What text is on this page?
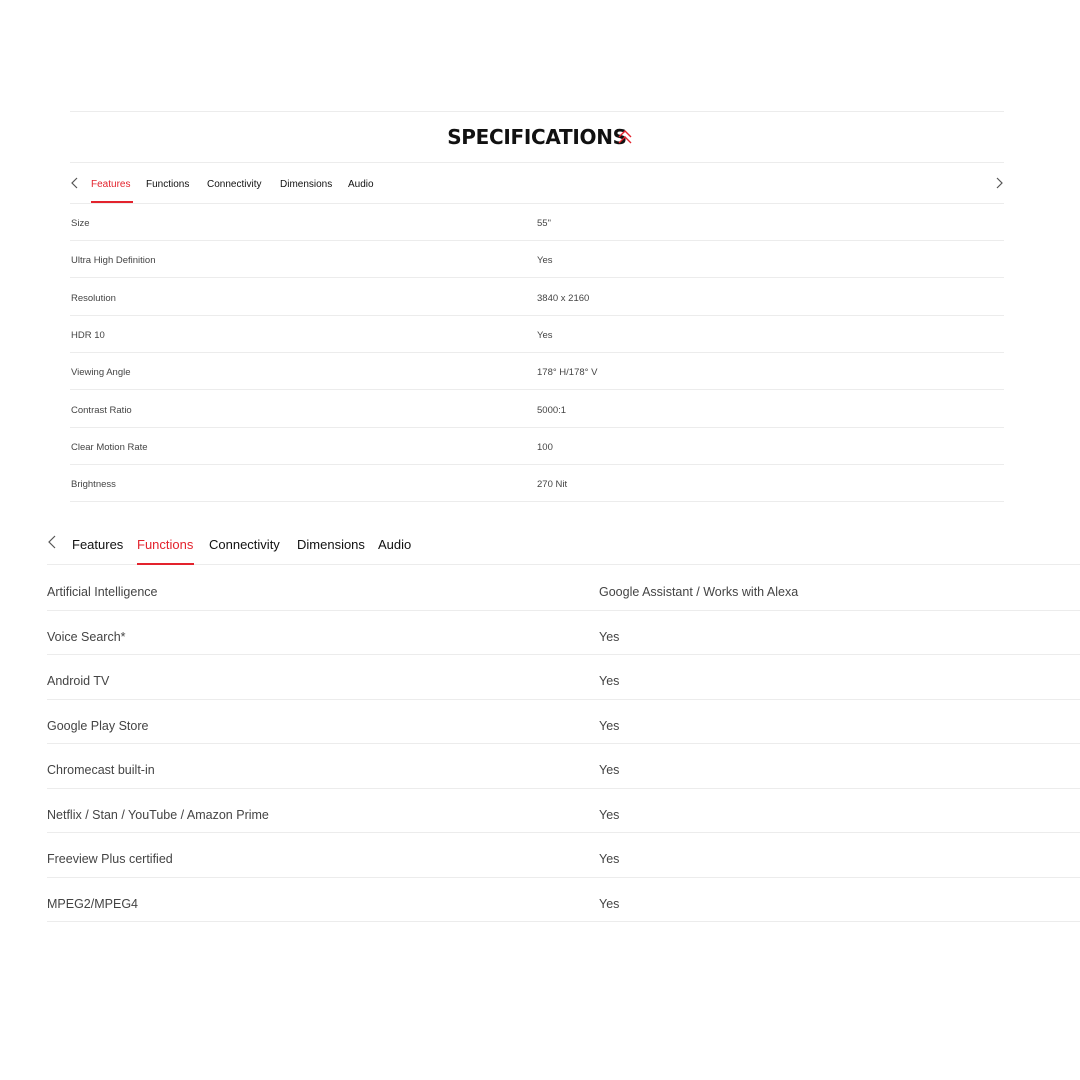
SPECIFICATIONS
Features Functions Connectivity Dimensions Audio
Size	55"
Ultra High Definition	Yes
Resolution	3840 x 2160
HDR 10	Yes
Viewing Angle	178° H/178° V
Contrast Ratio	5000:1
Clear Motion Rate	100
Brightness	270 Nit
Features Functions Connectivity Dimensions Audio
Artificial Intelligence	Google Assistant / Works with Alexa
Voice Search*	Yes
Android TV	Yes
Google Play Store	Yes
Chromecast built-in	Yes
Netflix / Stan / YouTube / Amazon Prime	Yes
Freeview Plus certified	Yes
MPEG2/MPEG4	Yes
